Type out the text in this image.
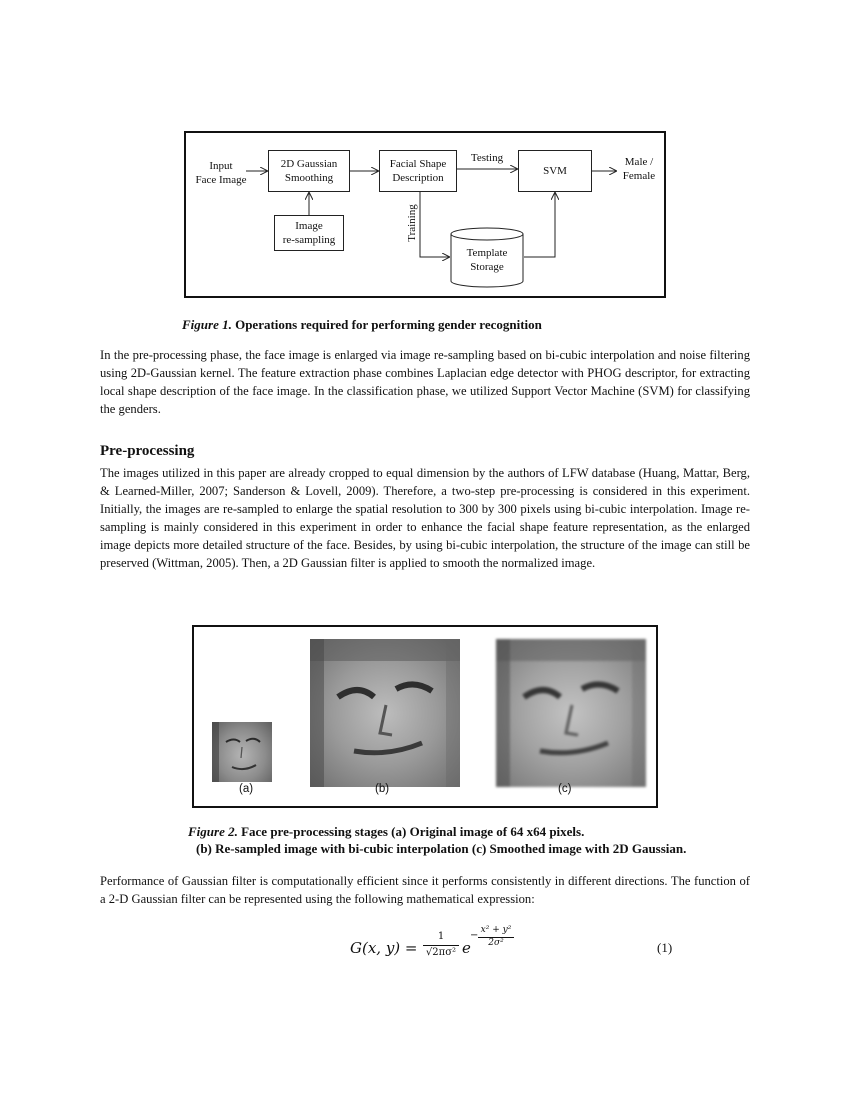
Input
Face Image
2D Gaussian
Smoothing
Facial Shape
Description
SVM
Image
re-sampling
Testing
Training
Male /
Female
Template
Storage
Figure 1. Operations required for performing gender recognition
In the pre-processing phase, the face image is enlarged via image re-sampling based on bi-cubic interpolation and noise filtering using 2D-Gaussian kernel. The feature extraction phase combines Laplacian edge detector with PHOG descriptor, for extracting local shape description of the face image. In the classification phase, we utilized Support Vector Machine (SVM) for classifying the genders.
Pre-processing
The images utilized in this paper are already cropped to equal dimension by the authors of LFW database (Huang, Mattar, Berg, & Learned-Miller, 2007; Sanderson & Lovell, 2009). Therefore, a two-step pre-processing is considered in this experiment. Initially, the images are re-sampled to enlarge the spatial resolution to 300 by 300 pixels using bi-cubic interpolation. Image re-sampling is mainly considered in this experiment in order to enhance the facial shape feature representation, as the enlarged image depicts more detailed structure of the face. Besides, by using bi-cubic interpolation, the structure of the image can still be preserved (Wittman, 2005). Then, a 2D Gaussian filter is applied to smooth the normalized image.
(a)	(b)	(c)
Figure 2. Face pre-processing stages (a) Original image of 64 x64 pixels.
(b) Re-sampled image with bi-cubic interpolation (c) Smoothed image with 2D Gaussian.
Performance of Gaussian filter is computationally efficient since it performs consistently in different directions. The function of a 2-D Gaussian filter can be represented using the following mathematical expression:
G(x, y) =
1
√2πσ² e
− x² + y²
2σ²	(1)
